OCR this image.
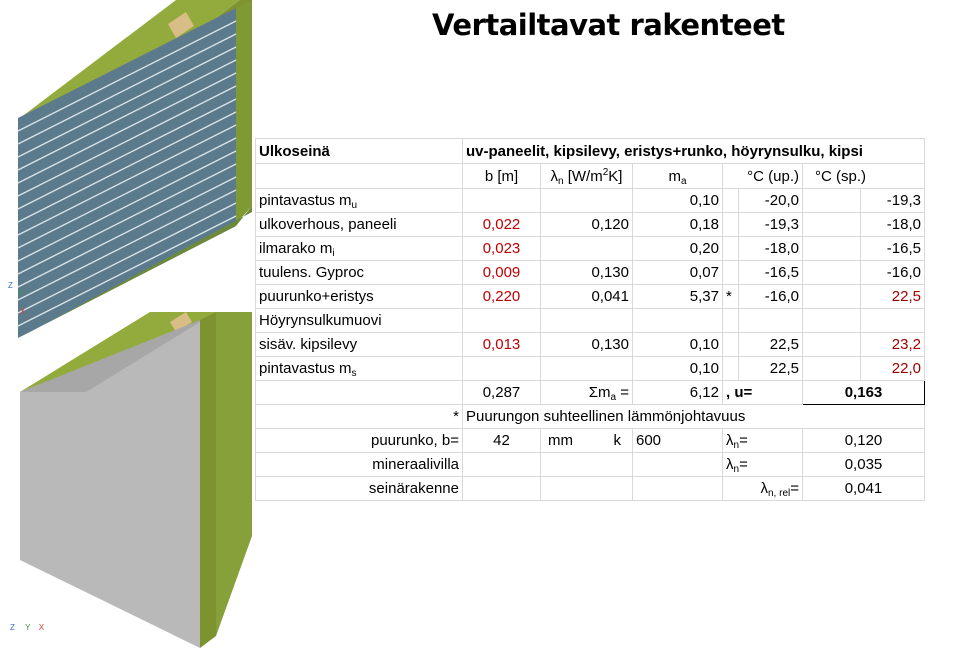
Vertailtavat rakenteet
Z
Y
X
Z Y X
Ulkoseinä	uv-paneelit, kipsilevy, eristys+runko, höyrynsulku, kipsi						
	b [m]	$\lambda_n$ $[W/m^2K]$	$m_a$	°C (up.)		°C (sp.)	
pintavastus $m_u$			0,10		-20,0		-19,3
ulkoverhous, paneeli	0,022	0,120	0,18		-19,3		-18,0
ilmarako $m_i$	0,023		0,20		-18,0		-16,5
tuulens. Gyproc	0,009	0,130	0,07		-16,5		-16,0
puurunko+eristys	0,220	0,041	5,37	*	-16,0		22,5
Höyrynsulkumuovi							
sisäv. kipsilevy	0,013	0,130	0,10		22,5		23,2
pintavastus $m_s$			0,10		22,5		22,0
	0,287	$\Sigma m_a$ =	6,12	, u=		0,163	
*	Puurungon suhteellinen lämmönjohtavuus						
puurunko, b=	42	mm k	600	$\lambda_n=$		0,120	
mineraalivilla				$\lambda_n=$		0,035	
seinärakenne				$\lambda_{n, rel}=$		0,041	
